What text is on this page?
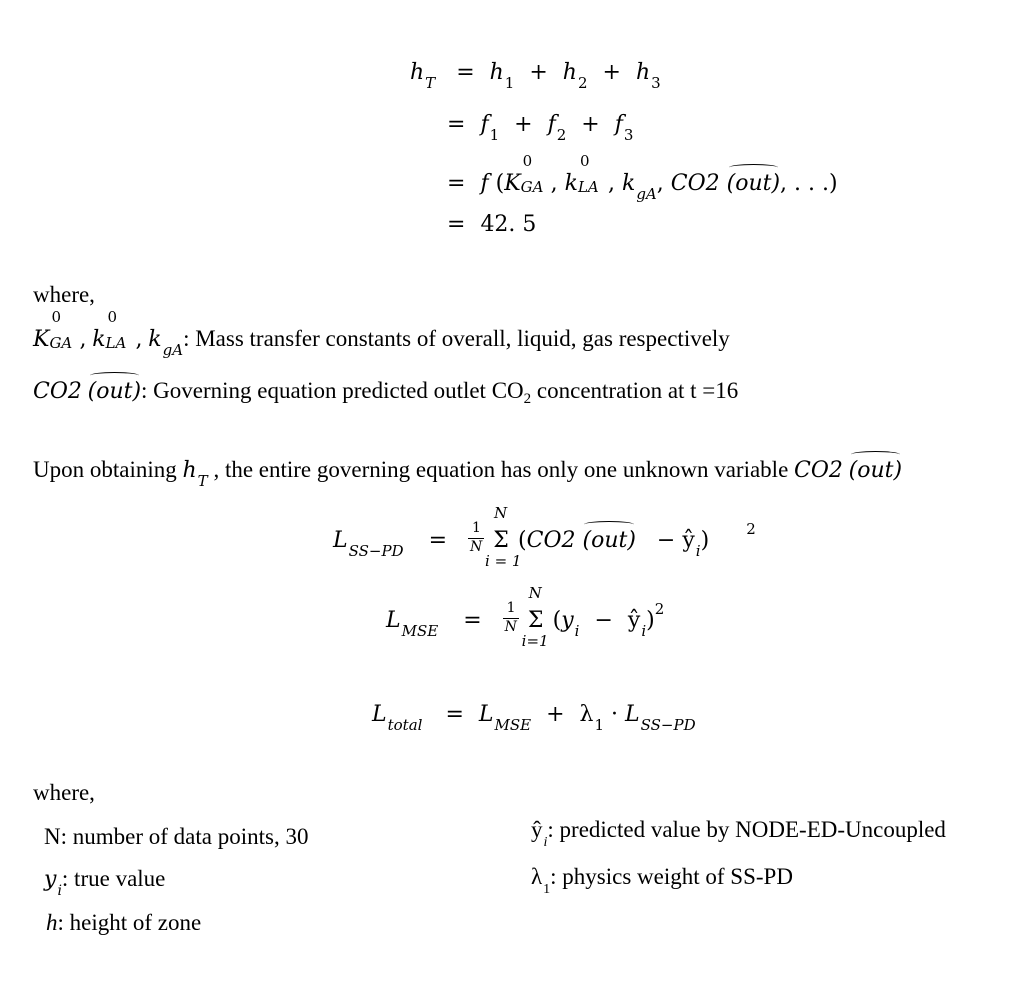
$h_T = h_1 + h_2 + h_3$
= $f_1 + f_2 + f_3$
= f (K
0
GA , k
0
LA , $k_{gA}$, CO2 (out), . . .)
= 42. 5
where,
K
0
GA , k
0
LA , $k_{gA}$: Mass transfer constants of overall, liquid, gas respectively
CO2 (out): Governing equation predicted outlet $CO_2$ concentration at t =16
Upon obtaining $h_T$ , the entire governing equation has only one unknown variable CO2 (out)
$L_{SS-PD} = \frac{1}{N}$ Σ
N
i = 1
(CO2 $(out) - ŷ_i$) $^2$
$L_{MSE} = \frac{1}{N}$ Σ
N
i=1
($y_i$ − $ŷ_i)^2$
$L_{total} = L_{MSE} + \lambda_1 \cdot L_{SS-PD}$
where,
N: number of data points, 30
$y_i$: true value
h: height of zone
$ŷ_i$: predicted value by NODE-ED-Uncoupled
$\lambda_1$: physics weight of SS-PD
